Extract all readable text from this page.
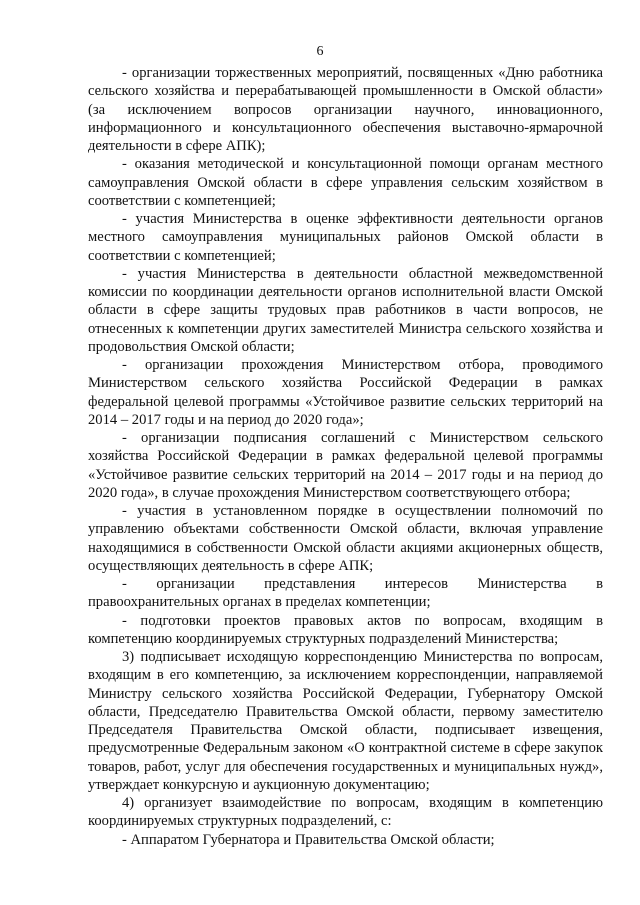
6

- организации торжественных мероприятий, посвященных «Дню работника сельского хозяйства и перерабатывающей промышленности в Омской области» (за исключением вопросов организации научного, инновационного, информационного и консультационного обеспечения выставочно-ярмарочной деятельности в сфере АПК);

- оказания методической и консультационной помощи органам местного самоуправления Омской области в сфере управления сельским хозяйством в соответствии с компетенцией;

- участия Министерства в оценке эффективности деятельности органов местного самоуправления муниципальных районов Омской области в соответствии с компетенцией;

- участия Министерства в деятельности областной межведомственной комиссии по координации деятельности органов исполнительной власти Омской области в сфере защиты трудовых прав работников в части вопросов, не отнесенных к компетенции других заместителей Министра сельского хозяйства и продовольствия Омской области;

- организации прохождения Министерством отбора, проводимого Министерством сельского хозяйства Российской Федерации в рамках федеральной целевой программы «Устойчивое развитие сельских территорий на 2014 – 2017 годы и на период до 2020 года»;

- организации подписания соглашений с Министерством сельского хозяйства Российской Федерации в рамках федеральной целевой программы «Устойчивое развитие сельских территорий на 2014 – 2017 годы и на период до 2020 года», в случае прохождения Министерством соответствующего отбора;

- участия в установленном порядке в осуществлении полномочий по управлению объектами собственности Омской области, включая управление находящимися в собственности Омской области акциями акционерных обществ, осуществляющих деятельность в сфере АПК;

- организации представления интересов Министерства в правоохранительных органах в пределах компетенции;

- подготовки проектов правовых актов по вопросам, входящим в компетенцию координируемых структурных подразделений Министерства;

3) подписывает исходящую корреспонденцию Министерства по вопросам, входящим в его компетенцию, за исключением корреспонденции, направляемой Министру сельского хозяйства Российской Федерации, Губернатору Омской области, Председателю Правительства Омской области, первому заместителю Председателя Правительства Омской области, подписывает извещения, предусмотренные Федеральным законом «О контрактной системе в сфере закупок товаров, работ, услуг для обеспечения государственных и муниципальных нужд», утверждает конкурсную и аукционную документацию;

4) организует взаимодействие по вопросам, входящим в компетенцию координируемых структурных подразделений, с:

- Аппаратом Губернатора и Правительства Омской области;
